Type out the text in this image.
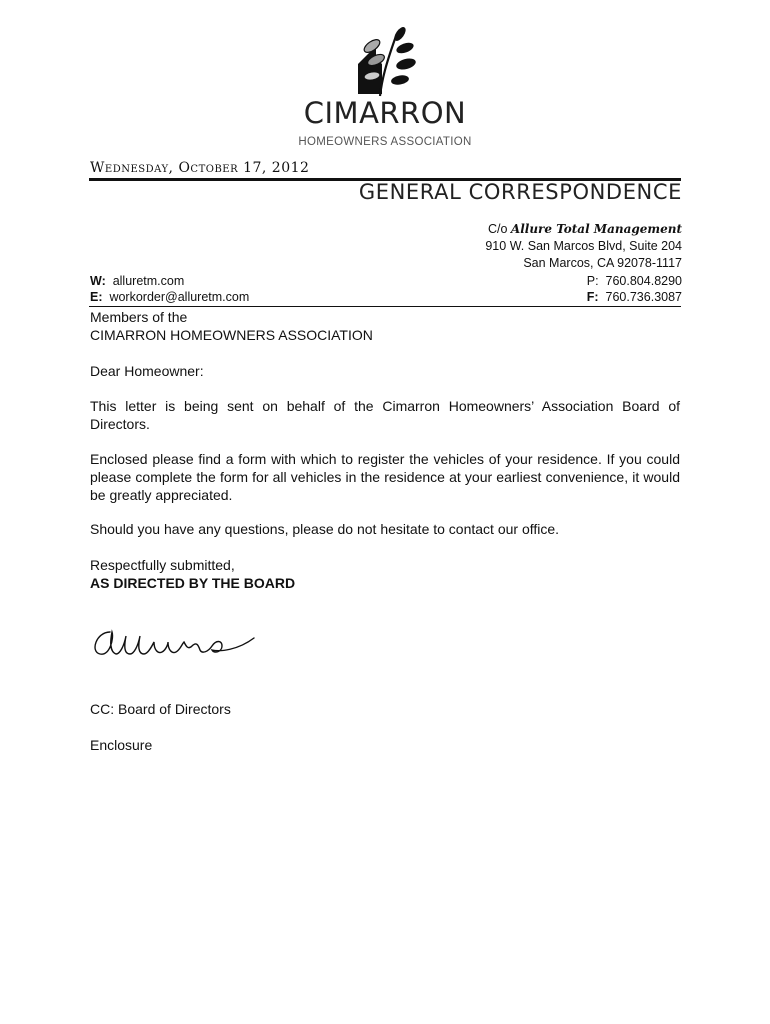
CIMARRON
HOMEOWNERS ASSOCIATION
Wednesday, October 17, 2012
GENERAL CORRESPONDENCE
C/o Allure Total Management
910 W. San Marcos Blvd, Suite 204
San Marcos, CA 92078-1117
W: alluretm.com
E: workorder@alluretm.com
P: 760.804.8290
F: 760.736.3087
Members of the
CIMARRON HOMEOWNERS ASSOCIATION
Dear Homeowner:
This letter is being sent on behalf of the Cimarron Homeowners’ Association Board of Directors.
Enclosed please find a form with which to register the vehicles of your residence. If you could please complete the form for all vehicles in the residence at your earliest convenience, it would be greatly appreciated.
Should you have any questions, please do not hesitate to contact our office.
Respectfully submitted,
AS DIRECTED BY THE BOARD
CC: Board of Directors
Enclosure
